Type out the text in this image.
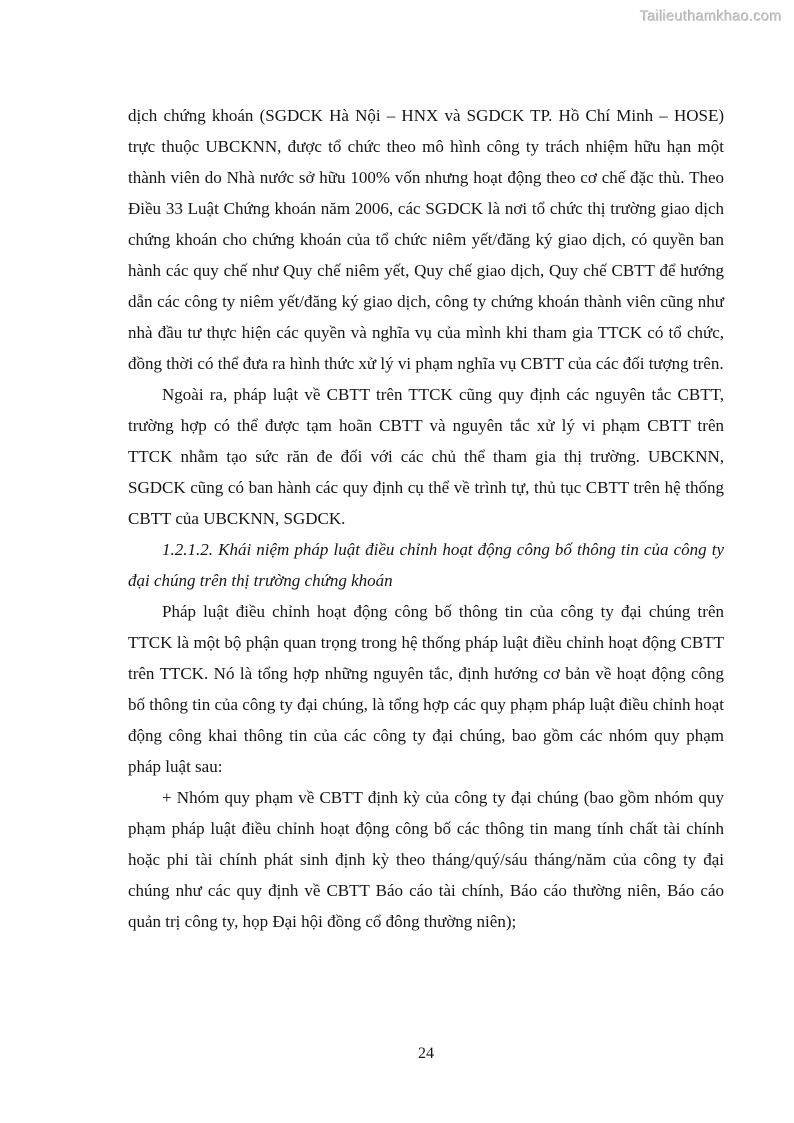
Tailieuthamkhao.com

dịch chứng khoán (SGDCK Hà Nội – HNX và SGDCK TP. Hồ Chí Minh – HOSE) trực thuộc UBCKNN, được tổ chức theo mô hình công ty trách nhiệm hữu hạn một thành viên do Nhà nước sở hữu 100% vốn nhưng hoạt động theo cơ chế đặc thù. Theo Điều 33 Luật Chứng khoán năm 2006, các SGDCK là nơi tổ chức thị trường giao dịch chứng khoán cho chứng khoán của tổ chức niêm yết/đăng ký giao dịch, có quyền ban hành các quy chế như Quy chế niêm yết, Quy chế giao dịch, Quy chế CBTT để hướng dẫn các công ty niêm yết/đăng ký giao dịch, công ty chứng khoán thành viên cũng như nhà đầu tư thực hiện các quyền và nghĩa vụ của mình khi tham gia TTCK có tổ chức, đồng thời có thể đưa ra hình thức xử lý vi phạm nghĩa vụ CBTT của các đối tượng trên.

Ngoài ra, pháp luật về CBTT trên TTCK cũng quy định các nguyên tắc CBTT, trường hợp có thể được tạm hoãn CBTT và nguyên tắc xử lý vi phạm CBTT trên TTCK nhằm tạo sức răn đe đối với các chủ thể tham gia thị trường. UBCKNN, SGDCK cũng có ban hành các quy định cụ thể về trình tự, thủ tục CBTT trên hệ thống CBTT của UBCKNN, SGDCK.

1.2.1.2. Khái niệm pháp luật điều chỉnh hoạt động công bố thông tin của công ty đại chúng trên thị trường chứng khoán

Pháp luật điều chỉnh hoạt động công bố thông tin của công ty đại chúng trên TTCK là một bộ phận quan trọng trong hệ thống pháp luật điều chỉnh hoạt động CBTT trên TTCK. Nó là tổng hợp những nguyên tắc, định hướng cơ bản về hoạt động công bố thông tin của công ty đại chúng, là tổng hợp các quy phạm pháp luật điều chỉnh hoạt động công khai thông tin của các công ty đại chúng, bao gồm các nhóm quy phạm pháp luật sau:

+ Nhóm quy phạm về CBTT định kỳ của công ty đại chúng (bao gồm nhóm quy phạm pháp luật điều chỉnh hoạt động công bố các thông tin mang tính chất tài chính hoặc phi tài chính phát sinh định kỳ theo tháng/quý/sáu tháng/năm của công ty đại chúng như các quy định về CBTT Báo cáo tài chính, Báo cáo thường niên, Báo cáo quản trị công ty, họp Đại hội đồng cổ đông thường niên);

24
